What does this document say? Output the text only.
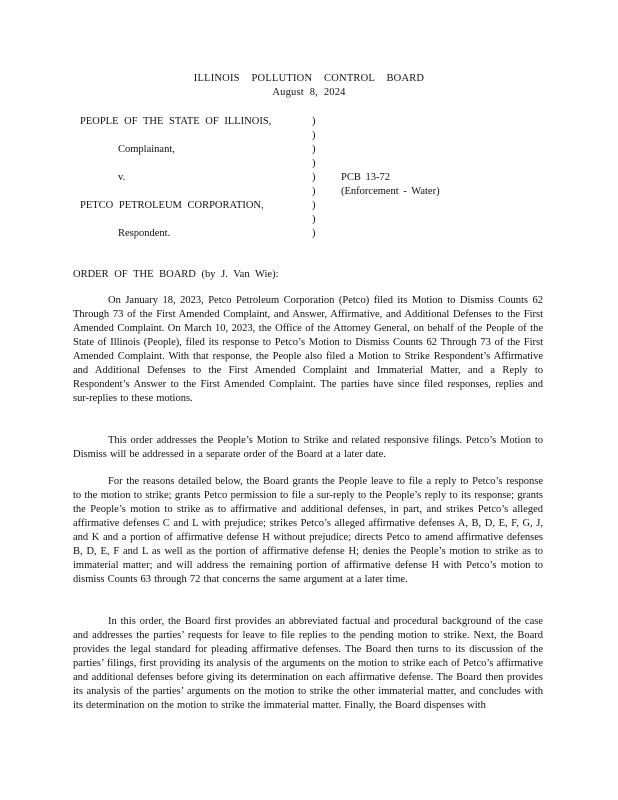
ILLINOIS POLLUTION CONTROL BOARD
August 8, 2024
PEOPLE OF THE STATE OF ILLINOIS,	)
)
Complainant,	)
)
v.	) PCB 13-72
) (Enforcement - Water)
PETCO PETROLEUM CORPORATION,	)
)
Respondent.	)
ORDER OF THE BOARD (by J. Van Wie):

On January 18, 2023, Petco Petroleum Corporation (Petco) filed its Motion to Dismiss Counts 62 Through 73 of the First Amended Complaint, and Answer, Affirmative, and Additional Defenses to the First Amended Complaint. On March 10, 2023, the Office of the Attorney General, on behalf of the People of the State of Illinois (People), filed its response to Petco’s Motion to Dismiss Counts 62 Through 73 of the First Amended Complaint. With that response, the People also filed a Motion to Strike Respondent’s Affirmative and Additional Defenses to the First Amended Complaint and Immaterial Matter, and a Reply to Respondent’s Answer to the First Amended Complaint. The parties have since filed responses, replies and sur-replies to these motions.

This order addresses the People’s Motion to Strike and related responsive filings. Petco’s Motion to Dismiss will be addressed in a separate order of the Board at a later date.

For the reasons detailed below, the Board grants the People leave to file a reply to Petco’s response to the motion to strike; grants Petco permission to file a sur-reply to the People’s reply to its response; grants the People’s motion to strike as to affirmative and additional defenses, in part, and strikes Petco’s alleged affirmative defenses C and L with prejudice; strikes Petco’s alleged affirmative defenses A, B, D, E, F, G, J, and K and a portion of affirmative defense H without prejudice; directs Petco to amend affirmative defenses B, D, E, F and L as well as the portion of affirmative defense H; denies the People’s motion to strike as to immaterial matter; and will address the remaining portion of affirmative defense H with Petco’s motion to dismiss Counts 63 through 72 that concerns the same argument at a later time.

In this order, the Board first provides an abbreviated factual and procedural background of the case and addresses the parties’ requests for leave to file replies to the pending motion to strike. Next, the Board provides the legal standard for pleading affirmative defenses. The Board then turns to its discussion of the parties’ filings, first providing its analysis of the arguments on the motion to strike each of Petco’s affirmative and additional defenses before giving its determination on each affirmative defense. The Board then provides its analysis of the parties’ arguments on the motion to strike the other immaterial matter, and concludes with its determination on the motion to strike the immaterial matter. Finally, the Board dispenses with
